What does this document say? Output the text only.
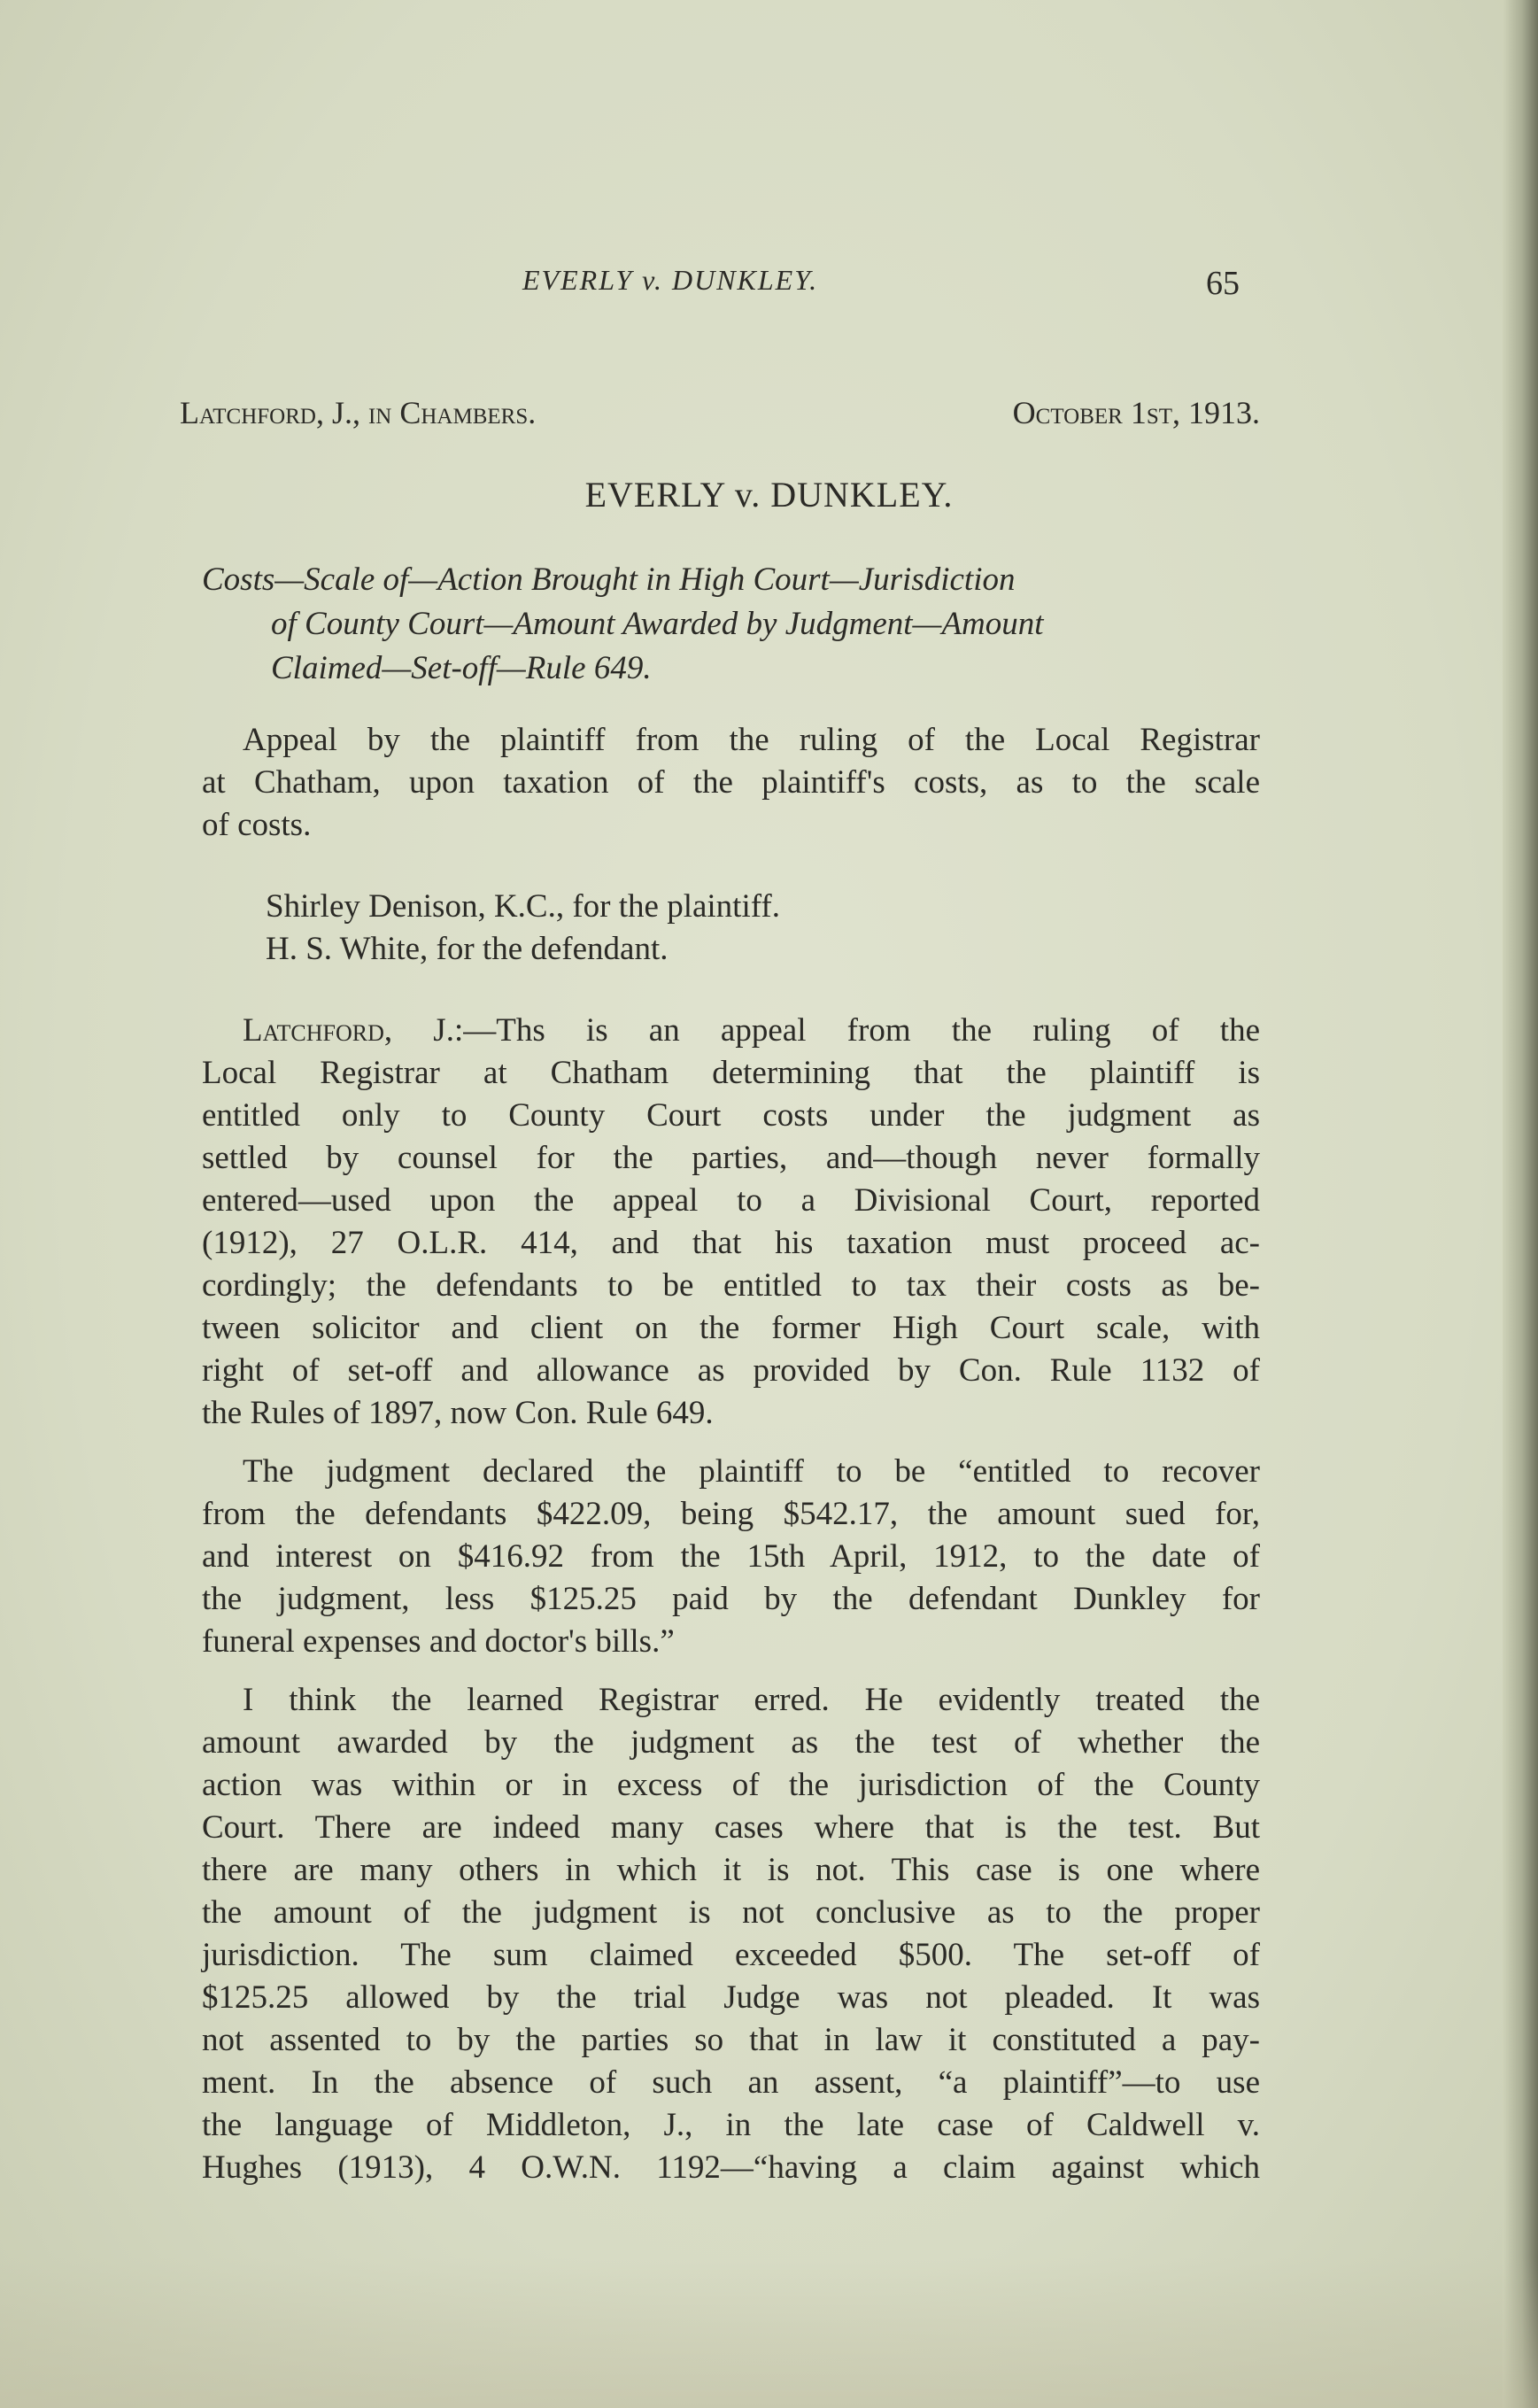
EVERLY v. DUNKLEY.	65
Latchford, J., in Chambers.	October 1st, 1913.
EVERLY v. DUNKLEY.
Costs—Scale of—Action Brought in High Court—Jurisdiction
of County Court—Amount Awarded by Judgment—Amount
Claimed—Set-off—Rule 649.
Appeal by the plaintiff from the ruling of the Local Registrar
at Chatham, upon taxation of the plaintiff's costs, as to the scale
of costs.
Shirley Denison, K.C., for the plaintiff.
H. S. White, for the defendant.
Latchford, J.:—Ths is an appeal from the ruling of the
Local Registrar at Chatham determining that the plaintiff is
entitled only to County Court costs under the judgment as
settled by counsel for the parties, and—though never formally
entered—used upon the appeal to a Divisional Court, reported
(1912), 27 O.L.R. 414, and that his taxation must proceed ac-
cordingly; the defendants to be entitled to tax their costs as be-
tween solicitor and client on the former High Court scale, with
right of set-off and allowance as provided by Con. Rule 1132 of
the Rules of 1897, now Con. Rule 649.
The judgment declared the plaintiff to be “entitled to recover
from the defendants $422.09, being $542.17, the amount sued for,
and interest on $416.92 from the 15th April, 1912, to the date of
the judgment, less $125.25 paid by the defendant Dunkley for
funeral expenses and doctor's bills.”
I think the learned Registrar erred. He evidently treated the
amount awarded by the judgment as the test of whether the
action was within or in excess of the jurisdiction of the County
Court. There are indeed many cases where that is the test. But
there are many others in which it is not. This case is one where
the amount of the judgment is not conclusive as to the proper
jurisdiction. The sum claimed exceeded $500. The set-off of
$125.25 allowed by the trial Judge was not pleaded. It was
not assented to by the parties so that in law it constituted a pay-
ment. In the absence of such an assent, “a plaintiff”—to use
the language of Middleton, J., in the late case of Caldwell v.
Hughes (1913), 4 O.W.N. 1192—“having a claim against which
